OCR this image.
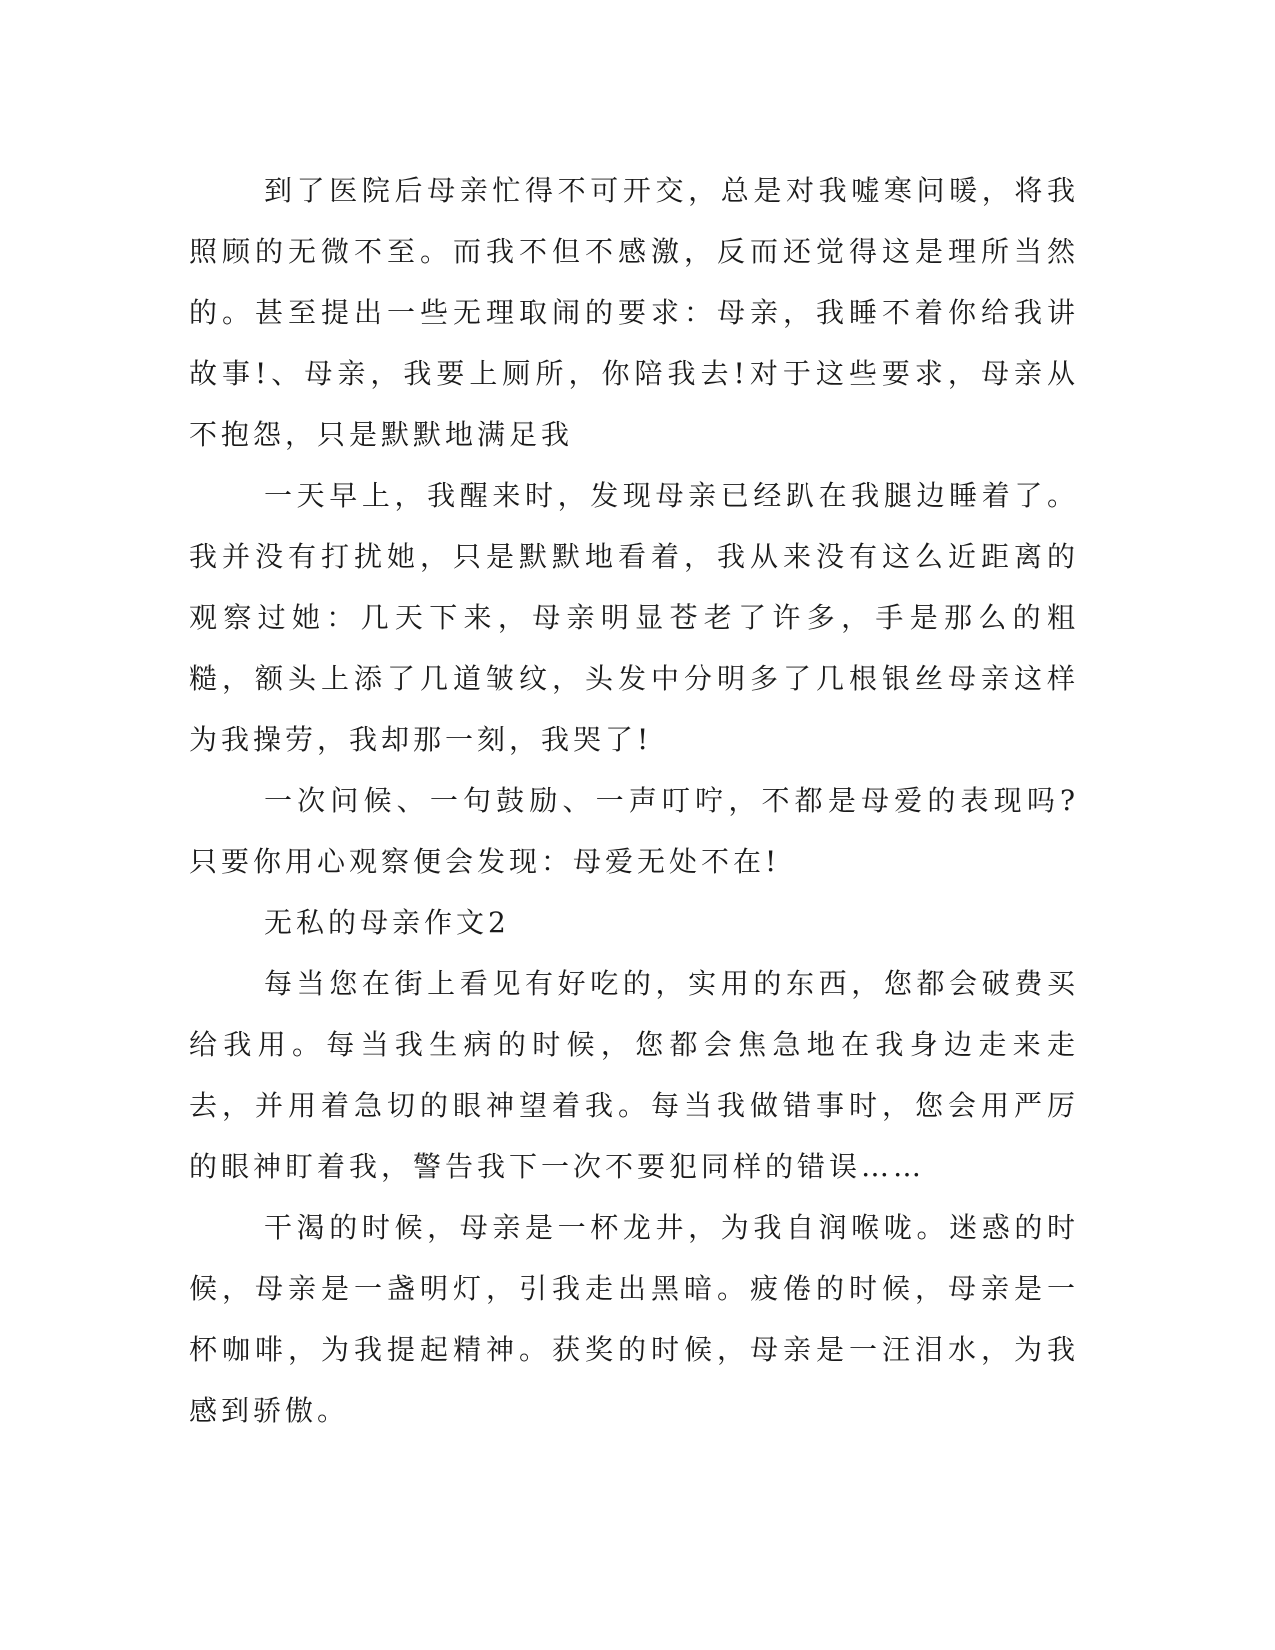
到了医院后母亲忙得不可开交，总是对我嘘寒问暖，将我照顾的无微不至。而我不但不感激，反而还觉得这是理所当然的。甚至提出一些无理取闹的要求：母亲，我睡不着你给我讲故事!、母亲，我要上厕所，你陪我去!对于这些要求，母亲从不抱怨，只是默默地满足我

一天早上，我醒来时，发现母亲已经趴在我腿边睡着了。我并没有打扰她，只是默默地看着，我从来没有这么近距离的观察过她：几天下来，母亲明显苍老了许多，手是那么的粗糙，额头上添了几道皱纹，头发中分明多了几根银丝母亲这样为我操劳，我却那一刻，我哭了!

一次问候、一句鼓励、一声叮咛，不都是母爱的表现吗?只要你用心观察便会发现：母爱无处不在!

无私的母亲作文2

每当您在街上看见有好吃的，实用的东西，您都会破费买给我用。每当我生病的时候，您都会焦急地在我身边走来走去，并用着急切的眼神望着我。每当我做错事时，您会用严厉的眼神盯着我，警告我下一次不要犯同样的错误……

干渴的时候，母亲是一杯龙井，为我自润喉咙。迷惑的时候，母亲是一盏明灯，引我走出黑暗。疲倦的时候，母亲是一杯咖啡，为我提起精神。获奖的时候，母亲是一汪泪水，为我感到骄傲。
